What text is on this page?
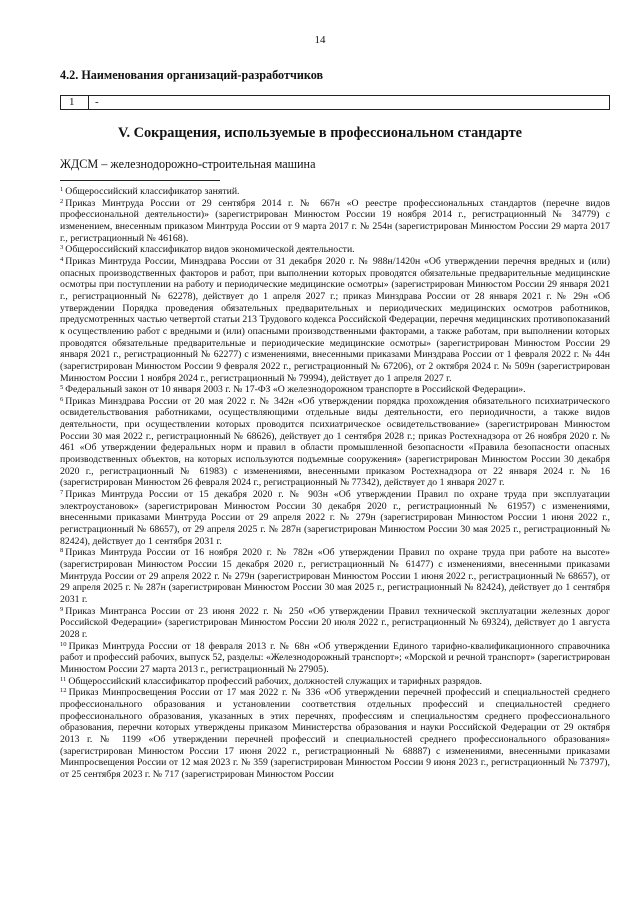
14
4.2. Наименования организаций-разработчиков
1	-
V. Сокращения, используемые в профессиональном стандарте
ЖДСМ – железнодорожно-строительная машина

$^1$ Общероссийский классификатор занятий.

$^2$ Приказ Минтруда России от 29 сентября 2014 г. № 667н «О реестре профессиональных стандартов (перечне видов профессиональной деятельности)» (зарегистрирован Минюстом России 19 ноября 2014 г., регистрационный № 34779) с изменением, внесенным приказом Минтруда России от 9 марта 2017 г. № 254н (зарегистрирован Минюстом России 29 марта 2017 г., регистрационный № 46168).

$^3$ Общероссийский классификатор видов экономической деятельности.

$^4$ Приказ Минтруда России, Минздрава России от 31 декабря 2020 г. № 988н/1420н «Об утверждении перечня вредных и (или) опасных производственных факторов и работ, при выполнении которых проводятся обязательные предварительные медицинские осмотры при поступлении на работу и периодические медицинские осмотры» (зарегистрирован Минюстом России 29 января 2021 г., регистрационный № 62278), действует до 1 апреля 2027 г.; приказ Минздрава России от 28 января 2021 г. № 29н «Об утверждении Порядка проведения обязательных предварительных и периодических медицинских осмотров работников, предусмотренных частью четвертой статьи 213 Трудового кодекса Российской Федерации, перечня медицинских противопоказаний к осуществлению работ с вредными и (или) опасными производственными факторами, а также работам, при выполнении которых проводятся обязательные предварительные и периодические медицинские осмотры» (зарегистрирован Минюстом России 29 января 2021 г., регистрационный № 62277) с изменениями, внесенными приказами Минздрава России от 1 февраля 2022 г. № 44н (зарегистрирован Минюстом России 9 февраля 2022 г., регистрационный № 67206), от 2 октября 2024 г. № 509н (зарегистрирован Минюстом России 1 ноября 2024 г., регистрационный № 79994), действует до 1 апреля 2027 г.

$^5$ Федеральный закон от 10 января 2003 г. № 17-ФЗ «О железнодорожном транспорте в Российской Федерации».

$^6$ Приказ Минздрава России от 20 мая 2022 г. № 342н «Об утверждении порядка прохождения обязательного психиатрического освидетельствования работниками, осуществляющими отдельные виды деятельности, его периодичности, а также видов деятельности, при осуществлении которых проводится психиатрическое освидетельствование» (зарегистрирован Минюстом России 30 мая 2022 г., регистрационный № 68626), действует до 1 сентября 2028 г.; приказ Ростехнадзора от 26 ноября 2020 г. № 461 «Об утверждении федеральных норм и правил в области промышленной безопасности «Правила безопасности опасных производственных объектов, на которых используются подъемные сооружения» (зарегистрирован Минюстом России 30 декабря 2020 г., регистрационный № 61983) с изменениями, внесенными приказом Ростехнадзора от 22 января 2024 г. № 16 (зарегистрирован Минюстом 26 февраля 2024 г., регистрационный № 77342), действует до 1 января 2027 г.

$^7$ Приказ Минтруда России от 15 декабря 2020 г. № 903н «Об утверждении Правил по охране труда при эксплуатации электроустановок» (зарегистрирован Минюстом России 30 декабря 2020 г., регистрационный № 61957) с изменениями, внесенными приказами Минтруда России от 29 апреля 2022 г. № 279н (зарегистрирован Минюстом России 1 июня 2022 г., регистрационный № 68657), от 29 апреля 2025 г. № 287н (зарегистрирован Минюстом России 30 мая 2025 г., регистрационный № 82424), действует до 1 сентября 2031 г.

$^8$ Приказ Минтруда России от 16 ноября 2020 г. № 782н «Об утверждении Правил по охране труда при работе на высоте» (зарегистрирован Минюстом России 15 декабря 2020 г., регистрационный № 61477) с изменениями, внесенными приказами Минтруда России от 29 апреля 2022 г. № 279н (зарегистрирован Минюстом России 1 июня 2022 г., регистрационный № 68657), от 29 апреля 2025 г. № 287н (зарегистрирован Минюстом России 30 мая 2025 г., регистрационный № 82424), действует до 1 сентября 2031 г.

$^9$ Приказ Минтранса России от 23 июня 2022 г. № 250 «Об утверждении Правил технической эксплуатации железных дорог Российской Федерации» (зарегистрирован Минюстом России 20 июля 2022 г., регистрационный № 69324), действует до 1 августа 2028 г.

$^{10}$ Приказ Минтруда России от 18 февраля 2013 г. № 68н «Об утверждении Единого тарифно-квалификационного справочника работ и профессий рабочих, выпуск 52, разделы: «Железнодорожный транспорт»; «Морской и речной транспорт» (зарегистрирован Минюстом России 27 марта 2013 г., регистрационный № 27905).

$^{11}$ Общероссийский классификатор профессий рабочих, должностей служащих и тарифных разрядов.

$^{12}$ Приказ Минпросвещения России от 17 мая 2022 г. № 336 «Об утверждении перечней профессий и специальностей среднего профессионального образования и установлении соответствия отдельных профессий и специальностей среднего профессионального образования, указанных в этих перечнях, профессиям и специальностям среднего профессионального образования, перечни которых утверждены приказом Министерства образования и науки Российской Федерации от 29 октября 2013 г. № 1199 «Об утверждении перечней профессий и специальностей среднего профессионального образования» (зарегистрирован Минюстом России 17 июня 2022 г., регистрационный № 68887) с изменениями, внесенными приказами Минпросвещения России от 12 мая 2023 г. № 359 (зарегистрирован Минюстом России 9 июня 2023 г., регистрационный № 73797), от 25 сентября 2023 г. № 717 (зарегистрирован Минюстом России
